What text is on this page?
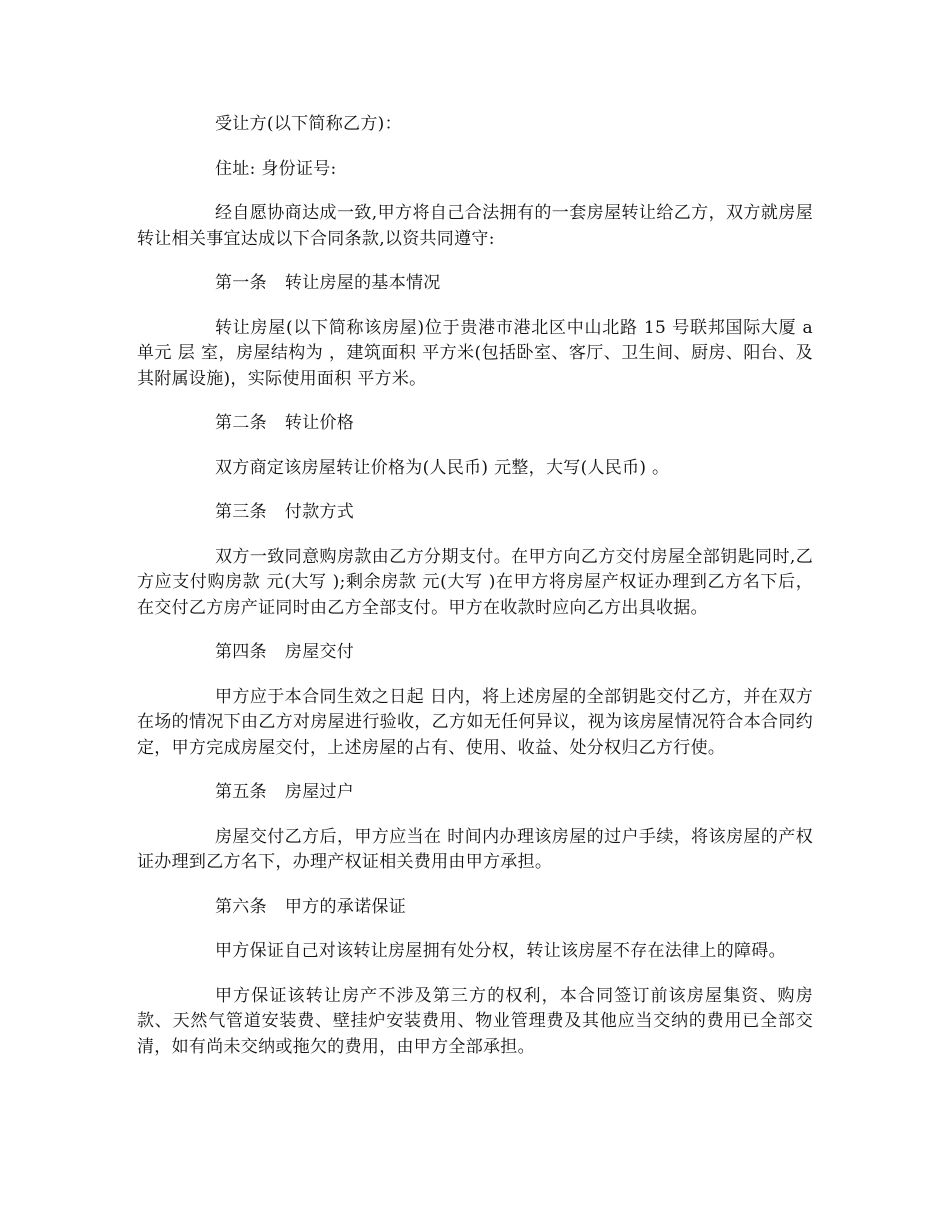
受让方(以下简称乙方)：

住址: 身份证号:

经自愿协商达成一致,甲方将自己合法拥有的一套房屋转让给乙方，双方就房屋转让相关事宜达成以下合同条款,以资共同遵守:

第一条 转让房屋的基本情况

转让房屋(以下简称该房屋)位于贵港市港北区中山北路 15 号联邦国际大厦 a 单元 层 室，房屋结构为 ，建筑面积 平方米(包括卧室、客厅、卫生间、厨房、阳台、及其附属设施)，实际使用面积 平方米。

第二条 转让价格

双方商定该房屋转让价格为(人民币) 元整，大写(人民币) 。

第三条 付款方式

双方一致同意购房款由乙方分期支付。在甲方向乙方交付房屋全部钥匙同时,乙方应支付购房款 元(大写 );剩余房款 元(大写 )在甲方将房屋产权证办理到乙方名下后，在交付乙方房产证同时由乙方全部支付。甲方在收款时应向乙方出具收据。

第四条 房屋交付

甲方应于本合同生效之日起 日内，将上述房屋的全部钥匙交付乙方，并在双方在场的情况下由乙方对房屋进行验收，乙方如无任何异议，视为该房屋情况符合本合同约定，甲方完成房屋交付，上述房屋的占有、使用、收益、处分权归乙方行使。

第五条 房屋过户

房屋交付乙方后，甲方应当在 时间内办理该房屋的过户手续，将该房屋的产权证办理到乙方名下，办理产权证相关费用由甲方承担。

第六条 甲方的承诺保证

甲方保证自己对该转让房屋拥有处分权，转让该房屋不存在法律上的障碍。

甲方保证该转让房产不涉及第三方的权利，本合同签订前该房屋集资、购房款、天然气管道安装费、壁挂炉安装费用、物业管理费及其他应当交纳的费用已全部交清，如有尚未交纳或拖欠的费用，由甲方全部承担。
